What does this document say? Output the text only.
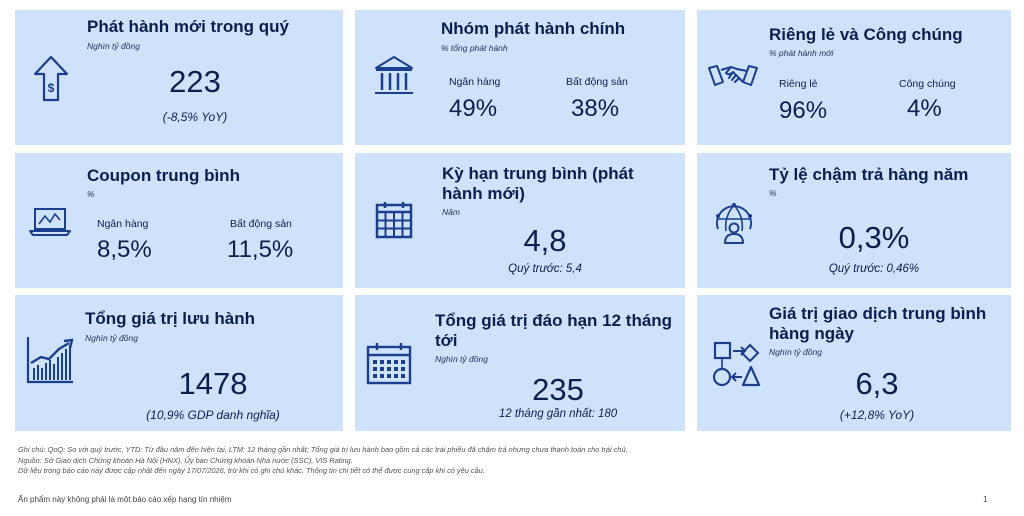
$
Phát hành mới trong quý
Nghìn tỷ đồng
223
(-8,5% YoY)
Nhóm phát hành chính
% tổng phát hành
Ngân hàng
49%
Bất động sản
38%
Riêng lẻ và Công chúng
% phát hành mới
Riêng lẻ
96%
Công chúng
4%
Coupon trung bình
%
Ngân hàng
8,5%
Bất động sản
11,5%
Kỳ hạn trung bình (phát
hành mới)
Năm
4,8
Quý trước: 5,4
Tỷ lệ chậm trả hàng năm
%
0,3%
Quý trước: 0,46%
Tổng giá trị lưu hành
Nghìn tỷ đồng
1478
(10,9% GDP danh nghĩa)
Tổng giá trị đáo hạn 12 tháng
tới
Nghìn tỷ đồng
235
12 tháng gần nhất: 180
Giá trị giao dịch trung bình
hàng ngày
Nghìn tỷ đồng
6,3
(+12,8% YoY)
Ghi chú: QoQ: So với quý trước, YTD: Từ đầu năm đến hiện tại, LTM: 12 tháng gần nhất; Tổng giá trị lưu hành bao gồm cả các trái phiếu đã chậm trả nhưng chưa thanh toán cho trái chủ.
Nguồn: Sở Giao dịch Chứng khoán Hà Nội (HNX), Ủy ban Chứng khoán Nhà nước (SSC), VIS Rating.
Dữ liệu trong báo cáo này được cập nhật đến ngày 17/07/2026, trừ khi có ghi chú khác. Thông tin chi tiết có thể được cung cấp khi có yêu cầu.
Ấn phẩm này không phải là một báo cáo xếp hạng tín nhiệm	1
